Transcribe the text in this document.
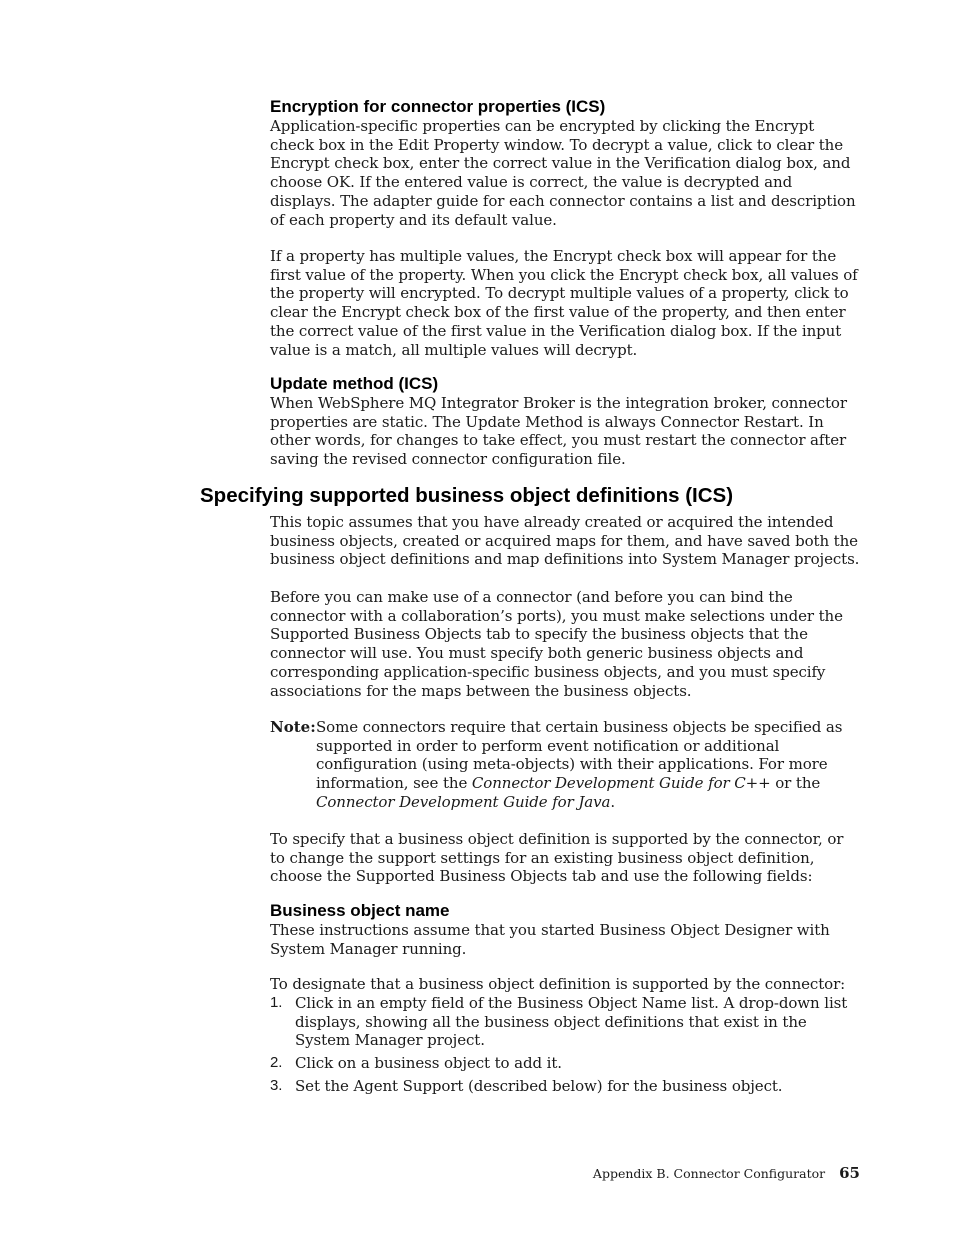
Encryption for connector properties (ICS)

Application-specific properties can be encrypted by clicking the Encrypt check box in the Edit Property window. To decrypt a value, click to clear the Encrypt check box, enter the correct value in the Verification dialog box, and choose OK. If the entered value is correct, the value is decrypted and displays. The adapter guide for each connector contains a list and description of each property and its default value.

If a property has multiple values, the Encrypt check box will appear for the first value of the property. When you click the Encrypt check box, all values of the property will encrypted. To decrypt multiple values of a property, click to clear the Encrypt check box of the first value of the property, and then enter the correct value of the first value in the Verification dialog box. If the input value is a match, all multiple values will decrypt.

Update method (ICS)

When WebSphere MQ Integrator Broker is the integration broker, connector properties are static. The Update Method is always Connector Restart. In other words, for changes to take effect, you must restart the connector after saving the revised connector configuration file.

Specifying supported business object definitions (ICS)

This topic assumes that you have already created or acquired the intended business objects, created or acquired maps for them, and have saved both the business object definitions and map definitions into System Manager projects.

Before you can make use of a connector (and before you can bind the connector with a collaboration’s ports), you must make selections under the Supported Business Objects tab to specify the business objects that the connector will use. You must specify both generic business objects and corresponding application-specific business objects, and you must specify associations for the maps between the business objects.

Note: Some connectors require that certain business objects be specified as supported in order to perform event notification or additional configuration (using meta-objects) with their applications. For more information, see the Connector Development Guide for C++ or the Connector Development Guide for Java.

To specify that a business object definition is supported by the connector, or to change the support settings for an existing business object definition, choose the Supported Business Objects tab and use the following fields:

Business object name

These instructions assume that you started Business Object Designer with System Manager running.

To designate that a business object definition is supported by the connector:

1. Click in an empty field of the Business Object Name list. A drop-down list displays, showing all the business object definitions that exist in the System Manager project.
2. Click on a business object to add it.
3. Set the Agent Support (described below) for the business object.
Appendix B. Connector Configurator 65
